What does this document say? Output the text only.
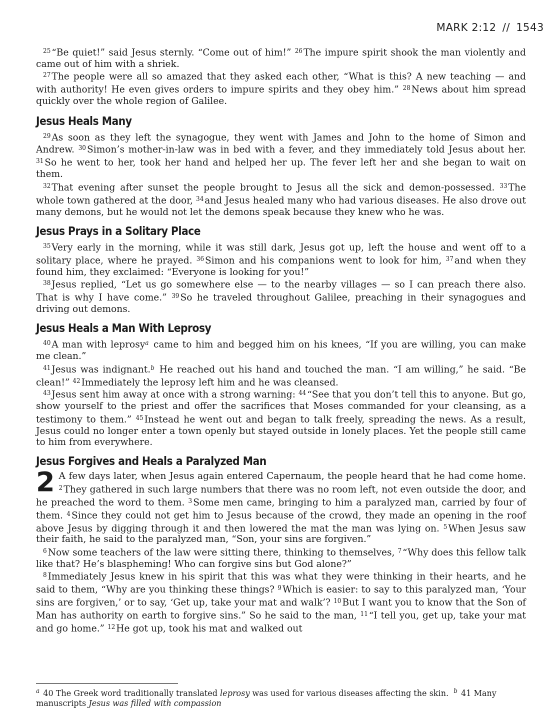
MARK 2:12 // 1543

$^{25}$“Be quiet!” said Jesus sternly. “Come out of him!” $^{26}$The impure spirit shook the man violently and came out of him with a shriek.

$^{27}$The people were all so amazed that they asked each other, “What is this? A new teaching — and with authority! He even gives orders to impure spirits and they obey him.” $^{28}$News about him spread quickly over the whole region of Galilee.

Jesus Heals Many

$^{29}$As soon as they left the synagogue, they went with James and John to the home of Simon and Andrew. $^{30}$Simon’s mother-in-law was in bed with a fever, and they immediately told Jesus about her. $^{31}$So he went to her, took her hand and helped her up. The fever left her and she began to wait on them.

$^{32}$That evening after sunset the people brought to Jesus all the sick and demon-possessed. $^{33}$The whole town gathered at the door, $^{34}$and Jesus healed many who had various diseases. He also drove out many demons, but he would not let the demons speak because they knew who he was.

Jesus Prays in a Solitary Place

$^{35}$Very early in the morning, while it was still dark, Jesus got up, left the house and went off to a solitary place, where he prayed. $^{36}$Simon and his companions went to look for him, $^{37}$and when they found him, they exclaimed: “Everyone is looking for you!”

$^{38}$Jesus replied, “Let us go somewhere else — to the nearby villages — so I can preach there also. That is why I have come.” $^{39}$So he traveled throughout Galilee, preaching in their synagogues and driving out demons.

Jesus Heals a Man With Leprosy

$^{40}$A man with leprosy$^a$ came to him and begged him on his knees, “If you are willing, you can make me clean.”

$^{41}$Jesus was indignant.$^b$ He reached out his hand and touched the man. “I am willing,” he said. “Be clean!” $^{42}$Immediately the leprosy left him and he was cleansed.

$^{43}$Jesus sent him away at once with a strong warning: $^{44}$“See that you don’t tell this to anyone. But go, show yourself to the priest and offer the sacrifices that Moses commanded for your cleansing, as a testimony to them.” $^{45}$Instead he went out and began to talk freely, spreading the news. As a result, Jesus could no longer enter a town openly but stayed outside in lonely places. Yet the people still came to him from everywhere.

Jesus Forgives and Heals a Paralyzed Man

2 A few days later, when Jesus again entered Capernaum, the people heard that he had come home. $^2$They gathered in such large numbers that there was no room left, not even outside the door, and he preached the word to them. $^3$Some men came, bringing to him a paralyzed man, carried by four of them. $^4$Since they could not get him to Jesus because of the crowd, they made an opening in the roof above Jesus by digging through it and then lowered the mat the man was lying on. $^5$When Jesus saw their faith, he said to the paralyzed man, “Son, your sins are forgiven.”

$^6$Now some teachers of the law were sitting there, thinking to themselves, $^7$“Why does this fellow talk like that? He’s blaspheming! Who can forgive sins but God alone?”

$^8$Immediately Jesus knew in his spirit that this was what they were thinking in their hearts, and he said to them, “Why are you thinking these things? $^9$Which is easier: to say to this paralyzed man, ‘Your sins are forgiven,’ or to say, ‘Get up, take your mat and walk’? $^{10}$But I want you to know that the Son of Man has authority on earth to forgive sins.” So he said to the man, $^{11}$“I tell you, get up, take your mat and go home.” $^{12}$He got up, took his mat and walked out

$^a$ 40 The Greek word traditionally translated leprosy was used for various diseases affecting the skin. $^b$ 41 Many manuscripts Jesus was filled with compassion
